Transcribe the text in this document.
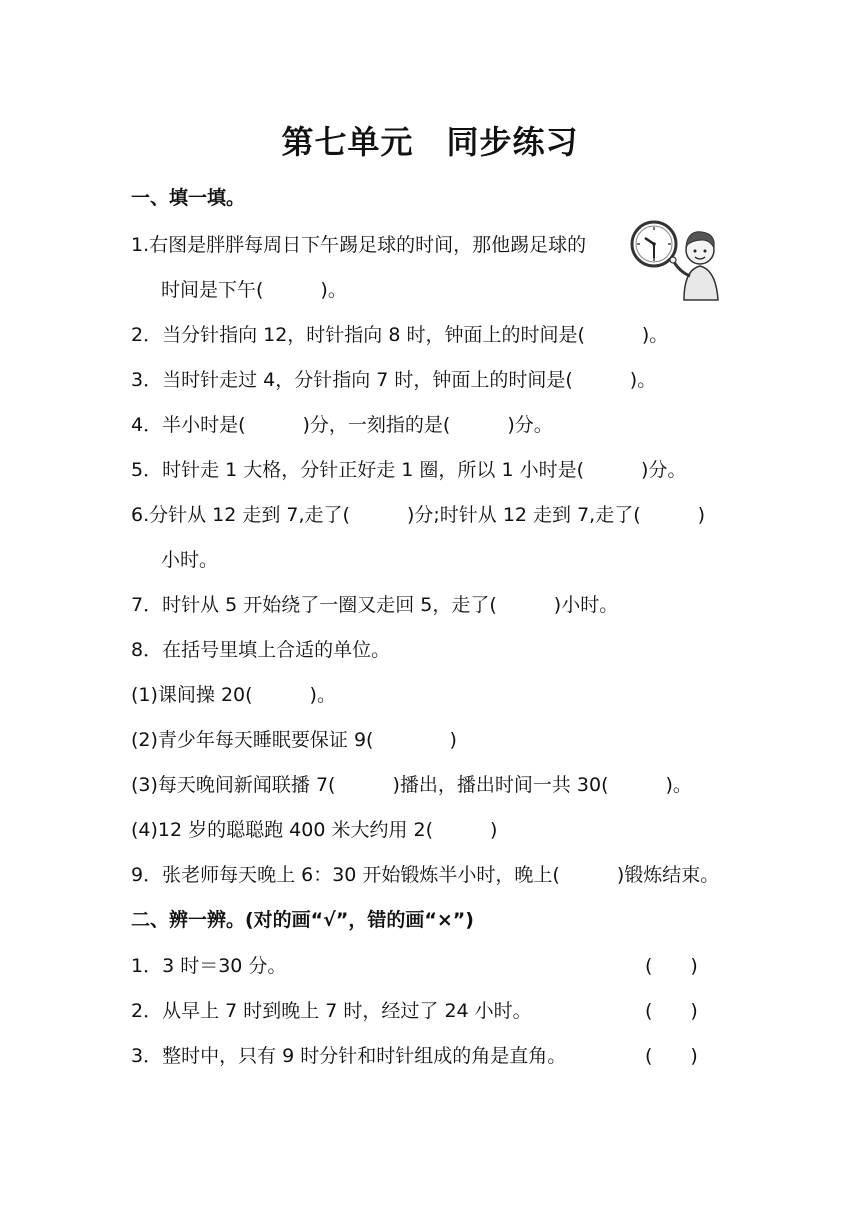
第七单元　同步练习
一、填一填。
1.右图是胖胖每周日下午踢足球的时间，那他踢足球的
时间是下午(　　　)。
2．当分针指向 12，时针指向 8 时，钟面上的时间是(　　　)。
3．当时针走过 4，分针指向 7 时，钟面上的时间是(　　　)。
4．半小时是(　　　)分，一刻指的是(　　　)分。
5．时针走 1 大格，分针正好走 1 圈，所以 1 小时是(　　　)分。
6.分针从 12 走到 7,走了(　　　)分;时针从 12 走到 7,走了(　　　)
小时。
7．时针从 5 开始绕了一圈又走回 5，走了(　　　)小时。
8．在括号里填上合适的单位。
(1)课间操 20(　　　)。
(2)青少年每天睡眠要保证 9(　　　　)
(3)每天晚间新闻联播 7(　　　)播出，播出时间一共 30(　　　)。
(4)12 岁的聪聪跑 400 米大约用 2(　　　)
9．张老师每天晚上 6：30 开始锻炼半小时，晚上(　　　)锻炼结束。
二、辨一辨。(对的画“√”，错的画“×”)
1．3 时＝30 分。	(　　)
2．从早上 7 时到晚上 7 时，经过了 24 小时。	(　　)
3．整时中，只有 9 时分针和时针组成的角是直角。	(　　)
